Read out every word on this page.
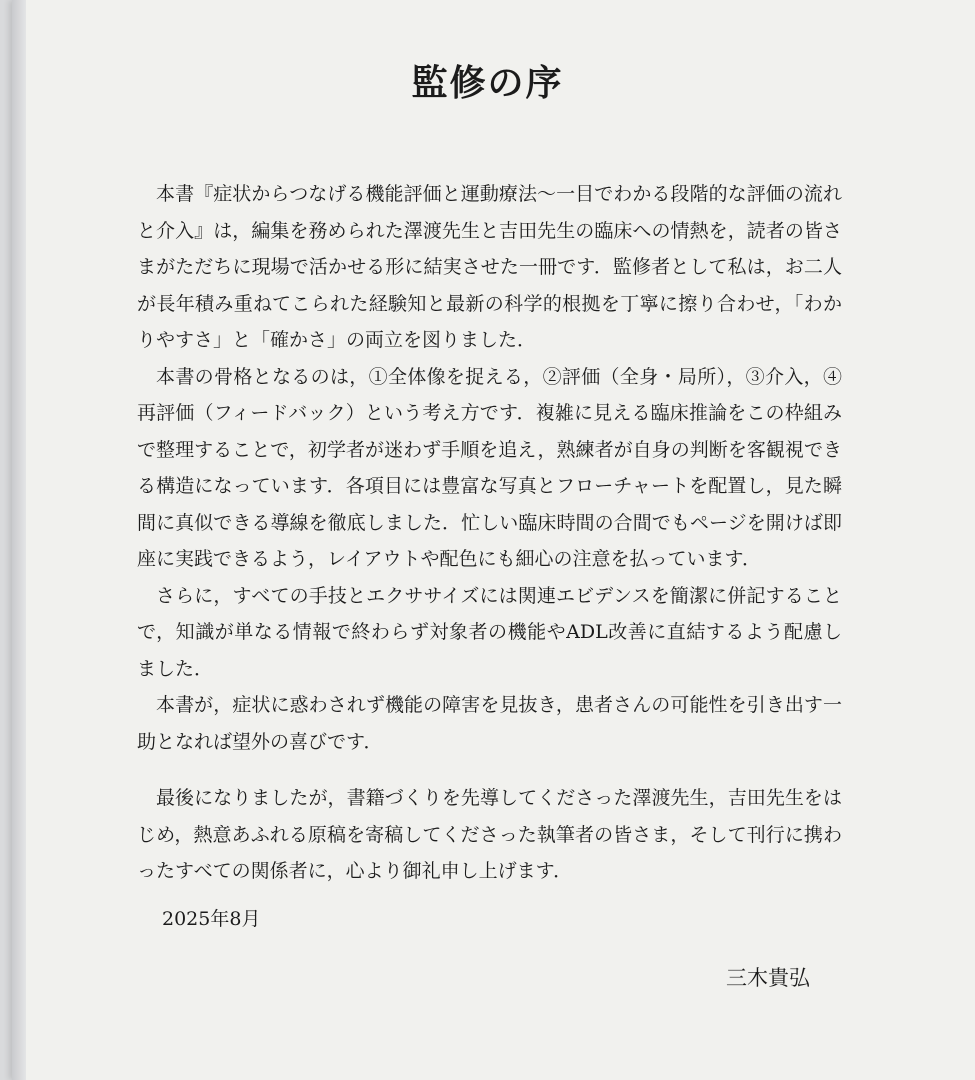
監修の序

本書『症状からつなげる機能評価と運動療法〜一目でわかる段階的な評価の流れと介入』は，編集を務められた澤渡先生と吉田先生の臨床への情熱を，読者の皆さまがただちに現場で活かせる形に結実させた一冊です．監修者として私は，お二人が長年積み重ねてこられた経験知と最新の科学的根拠を丁寧に擦り合わせ，「わかりやすさ」と「確かさ」の両立を図りました．

本書の骨格となるのは，①全体像を捉える，②評価（全身・局所），③介入，④再評価（フィードバック）という考え方です．複雑に見える臨床推論をこの枠組みで整理することで，初学者が迷わず手順を追え，熟練者が自身の判断を客観視できる構造になっています．各項目には豊富な写真とフローチャートを配置し，見た瞬間に真似できる導線を徹底しました．忙しい臨床時間の合間でもページを開けば即座に実践できるよう，レイアウトや配色にも細心の注意を払っています．

さらに，すべての手技とエクササイズには関連エビデンスを簡潔に併記することで，知識が単なる情報で終わらず対象者の機能やADL改善に直結するよう配慮しました．

本書が，症状に惑わされず機能の障害を見抜き，患者さんの可能性を引き出す一助となれば望外の喜びです．

最後になりましたが，書籍づくりを先導してくださった澤渡先生，吉田先生をはじめ，熱意あふれる原稿を寄稿してくださった執筆者の皆さま，そして刊行に携わったすべての関係者に，心より御礼申し上げます．

2025年8月
三木貴弘
